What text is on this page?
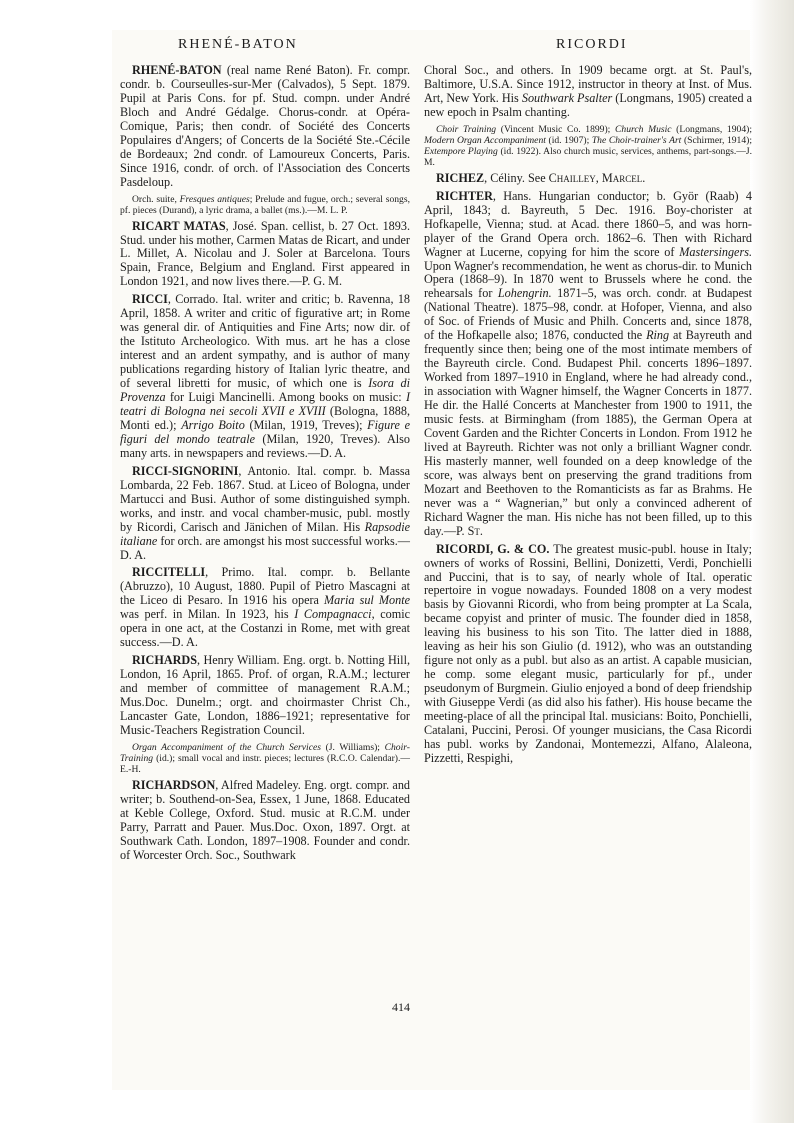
RHENÉ-BATON	RICORDI

RHENÉ-BATON (real name René Baton). Fr. compr. condr. b. Courseulles-sur-Mer (Calvados), 5 Sept. 1879. Pupil at Paris Cons. for pf. Stud. compn. under André Bloch and André Gédalge. Chorus-condr. at Opéra-Comique, Paris; then condr. of Société des Concerts Populaires d'Angers; of Concerts de la Société Ste.-Cécile de Bordeaux; 2nd condr. of Lamoureux Concerts, Paris. Since 1916, condr. of orch. of l'Association des Concerts Pasdeloup.

Orch. suite, Fresques antiques; Prelude and fugue, orch.; several songs, pf. pieces (Durand), a lyric drama, a ballet (ms.).—M. L. P.

RICART MATAS, José. Span. cellist, b. 27 Oct. 1893. Stud. under his mother, Carmen Matas de Ricart, and under L. Millet, A. Nicolau and J. Soler at Barcelona. Tours Spain, France, Belgium and England. First appeared in London 1921, and now lives there.—P. G. M.

RICCI, Corrado. Ital. writer and critic; b. Ravenna, 18 April, 1858. A writer and critic of figurative art; in Rome was general dir. of Antiquities and Fine Arts; now dir. of the Istituto Archeologico. With mus. art he has a close interest and an ardent sympathy, and is author of many publications regarding history of Italian lyric theatre, and of several libretti for music, of which one is Isora di Provenza for Luigi Mancinelli. Among books on music: I teatri di Bologna nei secoli XVII e XVIII (Bologna, 1888, Monti ed.); Arrigo Boito (Milan, 1919, Treves); Figure e figuri del mondo teatrale (Milan, 1920, Treves). Also many arts. in newspapers and reviews.—D. A.

RICCI-SIGNORINI, Antonio. Ital. compr. b. Massa Lombarda, 22 Feb. 1867. Stud. at Liceo of Bologna, under Martucci and Busi. Author of some distinguished symph. works, and instr. and vocal chamber-music, publ. mostly by Ricordi, Carisch and Jänichen of Milan. His Rapsodie italiane for orch. are amongst his most successful works.—D. A.

RICCITELLI, Primo. Ital. compr. b. Bellante (Abruzzo), 10 August, 1880. Pupil of Pietro Mascagni at the Liceo di Pesaro. In 1916 his opera Maria sul Monte was perf. in Milan. In 1923, his I Compagnacci, comic opera in one act, at the Costanzi in Rome, met with great success.—D. A.

RICHARDS, Henry William. Eng. orgt. b. Notting Hill, London, 16 April, 1865. Prof. of organ, R.A.M.; lecturer and member of committee of management R.A.M.; Mus.Doc. Dunelm.; orgt. and choirmaster Christ Ch., Lancaster Gate, London, 1886–1921; representative for Music-Teachers Registration Council.

Organ Accompaniment of the Church Services (J. Williams); Choir-Training (id.); small vocal and instr. pieces; lectures (R.C.O. Calendar).—E.-H.

RICHARDSON, Alfred Madeley. Eng. orgt. compr. and writer; b. Southend-on-Sea, Essex, 1 June, 1868. Educated at Keble College, Oxford. Stud. music at R.C.M. under Parry, Parratt and Pauer. Mus.Doc. Oxon, 1897. Orgt. at Southwark Cath. London, 1897–1908. Founder and condr. of Worcester Orch. Soc., Southwark

Choral Soc., and others. In 1909 became orgt. at St. Paul's, Baltimore, U.S.A. Since 1912, instructor in theory at Inst. of Mus. Art, New York. His Southwark Psalter (Longmans, 1905) created a new epoch in Psalm chanting.

Choir Training (Vincent Music Co. 1899); Church Music (Longmans, 1904); Modern Organ Accompaniment (id. 1907); The Choir-trainer's Art (Schirmer, 1914); Extempore Playing (id. 1922). Also church music, services, anthems, part-songs.—J. M.

RICHEZ, Céliny. See Chailley, Marcel.

RICHTER, Hans. Hungarian conductor; b. Györ (Raab) 4 April, 1843; d. Bayreuth, 5 Dec. 1916. Boy-chorister at Hofkapelle, Vienna; stud. at Acad. there 1860–5, and was horn-player of the Grand Opera orch. 1862–6. Then with Richard Wagner at Lucerne, copying for him the score of Mastersingers. Upon Wagner's recommendation, he went as chorus-dir. to Munich Opera (1868–9). In 1870 went to Brussels where he cond. the rehearsals for Lohengrin. 1871–5, was orch. condr. at Budapest (National Theatre). 1875–98, condr. at Hofoper, Vienna, and also of Soc. of Friends of Music and Philh. Concerts and, since 1878, of the Hofkapelle also; 1876, conducted the Ring at Bayreuth and frequently since then; being one of the most intimate members of the Bayreuth circle. Cond. Budapest Phil. concerts 1896–1897. Worked from 1897–1910 in England, where he had already cond., in association with Wagner himself, the Wagner Concerts in 1877. He dir. the Hallé Concerts at Manchester from 1900 to 1911, the music fests. at Birmingham (from 1885), the German Opera at Covent Garden and the Richter Concerts in London. From 1912 he lived at Bayreuth. Richter was not only a brilliant Wagner condr. His masterly manner, well founded on a deep knowledge of the score, was always bent on preserving the grand traditions from Mozart and Beethoven to the Romanticists as far as Brahms. He never was a “ Wagnerian,” but only a convinced adherent of Richard Wagner the man. His niche has not been filled, up to this day.—P. St.

RICORDI, G. & CO. The greatest music-publ. house in Italy; owners of works of Rossini, Bellini, Donizetti, Verdi, Ponchielli and Puccini, that is to say, of nearly whole of Ital. operatic repertoire in vogue nowadays. Founded 1808 on a very modest basis by Giovanni Ricordi, who from being prompter at La Scala, became copyist and printer of music. The founder died in 1858, leaving his business to his son Tito. The latter died in 1888, leaving as heir his son Giulio (d. 1912), who was an outstanding figure not only as a publ. but also as an artist. A capable musician, he comp. some elegant music, particularly for pf., under pseudonym of Burgmein. Giulio enjoyed a bond of deep friendship with Giuseppe Verdi (as did also his father). His house became the meeting-place of all the principal Ital. musicians: Boito, Ponchielli, Catalani, Puccini, Perosi. Of younger musicians, the Casa Ricordi has publ. works by Zandonai, Montemezzi, Alfano, Alaleona, Pizzetti, Respighi,

414
